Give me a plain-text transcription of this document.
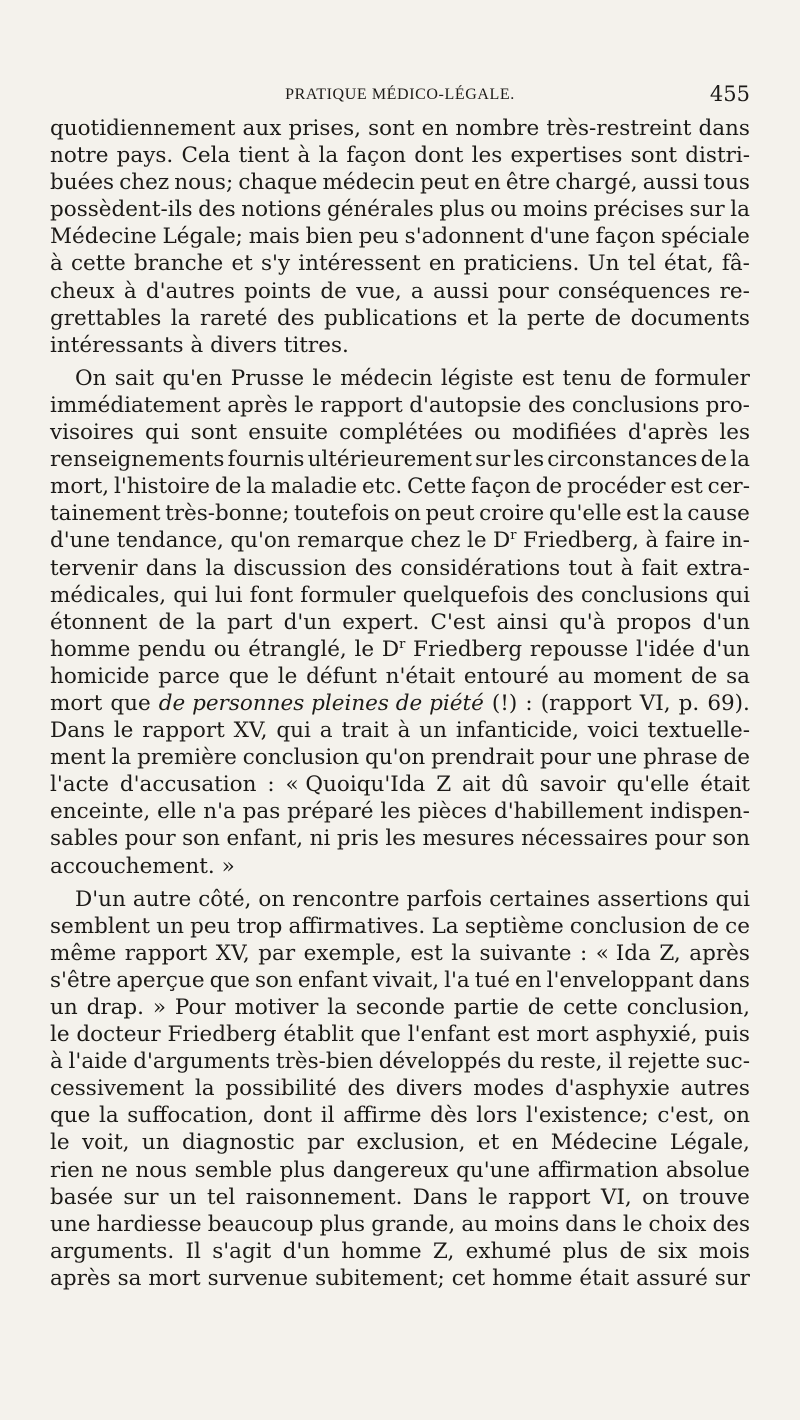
PRATIQUE MÉDICO-LÉGALE.	455
quotidiennement aux prises, sont en nombre très-restreint dans
notre pays. Cela tient à la façon dont les expertises sont distri-
buées chez nous; chaque médecin peut en être chargé, aussi tous
possèdent-ils des notions générales plus ou moins précises sur la
Médecine Légale; mais bien peu s'adonnent d'une façon spéciale
à cette branche et s'y intéressent en praticiens. Un tel état, fâ-
cheux à d'autres points de vue, a aussi pour conséquences re-
grettables la rareté des publications et la perte de documents
intéressants à divers titres.
On sait qu'en Prusse le médecin légiste est tenu de formuler
immédiatement après le rapport d'autopsie des conclusions pro-
visoires qui sont ensuite complétées ou modifiées d'après les
renseignements fournis ultérieurement sur les circonstances de la
mort, l'histoire de la maladie etc. Cette façon de procéder est cer-
tainement très-bonne; toutefois on peut croire qu'elle est la cause
d'une tendance, qu'on remarque chez le $D^r$ Friedberg, à faire in-
tervenir dans la discussion des considérations tout à fait extra-
médicales, qui lui font formuler quelquefois des conclusions qui
étonnent de la part d'un expert. C'est ainsi qu'à propos d'un
homme pendu ou étranglé, le $D^r$ Friedberg repousse l'idée d'un
homicide parce que le défunt n'était entouré au moment de sa
mort que de personnes pleines de piété (!) : (rapport VI, p. 69).
Dans le rapport XV, qui a trait à un infanticide, voici textuelle-
ment la première conclusion qu'on prendrait pour une phrase de
l'acte d'accusation : « Quoiqu'Ida Z ait dû savoir qu'elle était
enceinte, elle n'a pas préparé les pièces d'habillement indispen-
sables pour son enfant, ni pris les mesures nécessaires pour son
accouchement. »
D'un autre côté, on rencontre parfois certaines assertions qui
semblent un peu trop affirmatives. La septième conclusion de ce
même rapport XV, par exemple, est la suivante : « Ida Z, après
s'être aperçue que son enfant vivait, l'a tué en l'enveloppant dans
un drap. » Pour motiver la seconde partie de cette conclusion,
le docteur Friedberg établit que l'enfant est mort asphyxié, puis
à l'aide d'arguments très-bien développés du reste, il rejette suc-
cessivement la possibilité des divers modes d'asphyxie autres
que la suffocation, dont il affirme dès lors l'existence; c'est, on
le voit, un diagnostic par exclusion, et en Médecine Légale,
rien ne nous semble plus dangereux qu'une affirmation absolue
basée sur un tel raisonnement. Dans le rapport VI, on trouve
une hardiesse beaucoup plus grande, au moins dans le choix des
arguments. Il s'agit d'un homme Z, exhumé plus de six mois
après sa mort survenue subitement; cet homme était assuré sur
